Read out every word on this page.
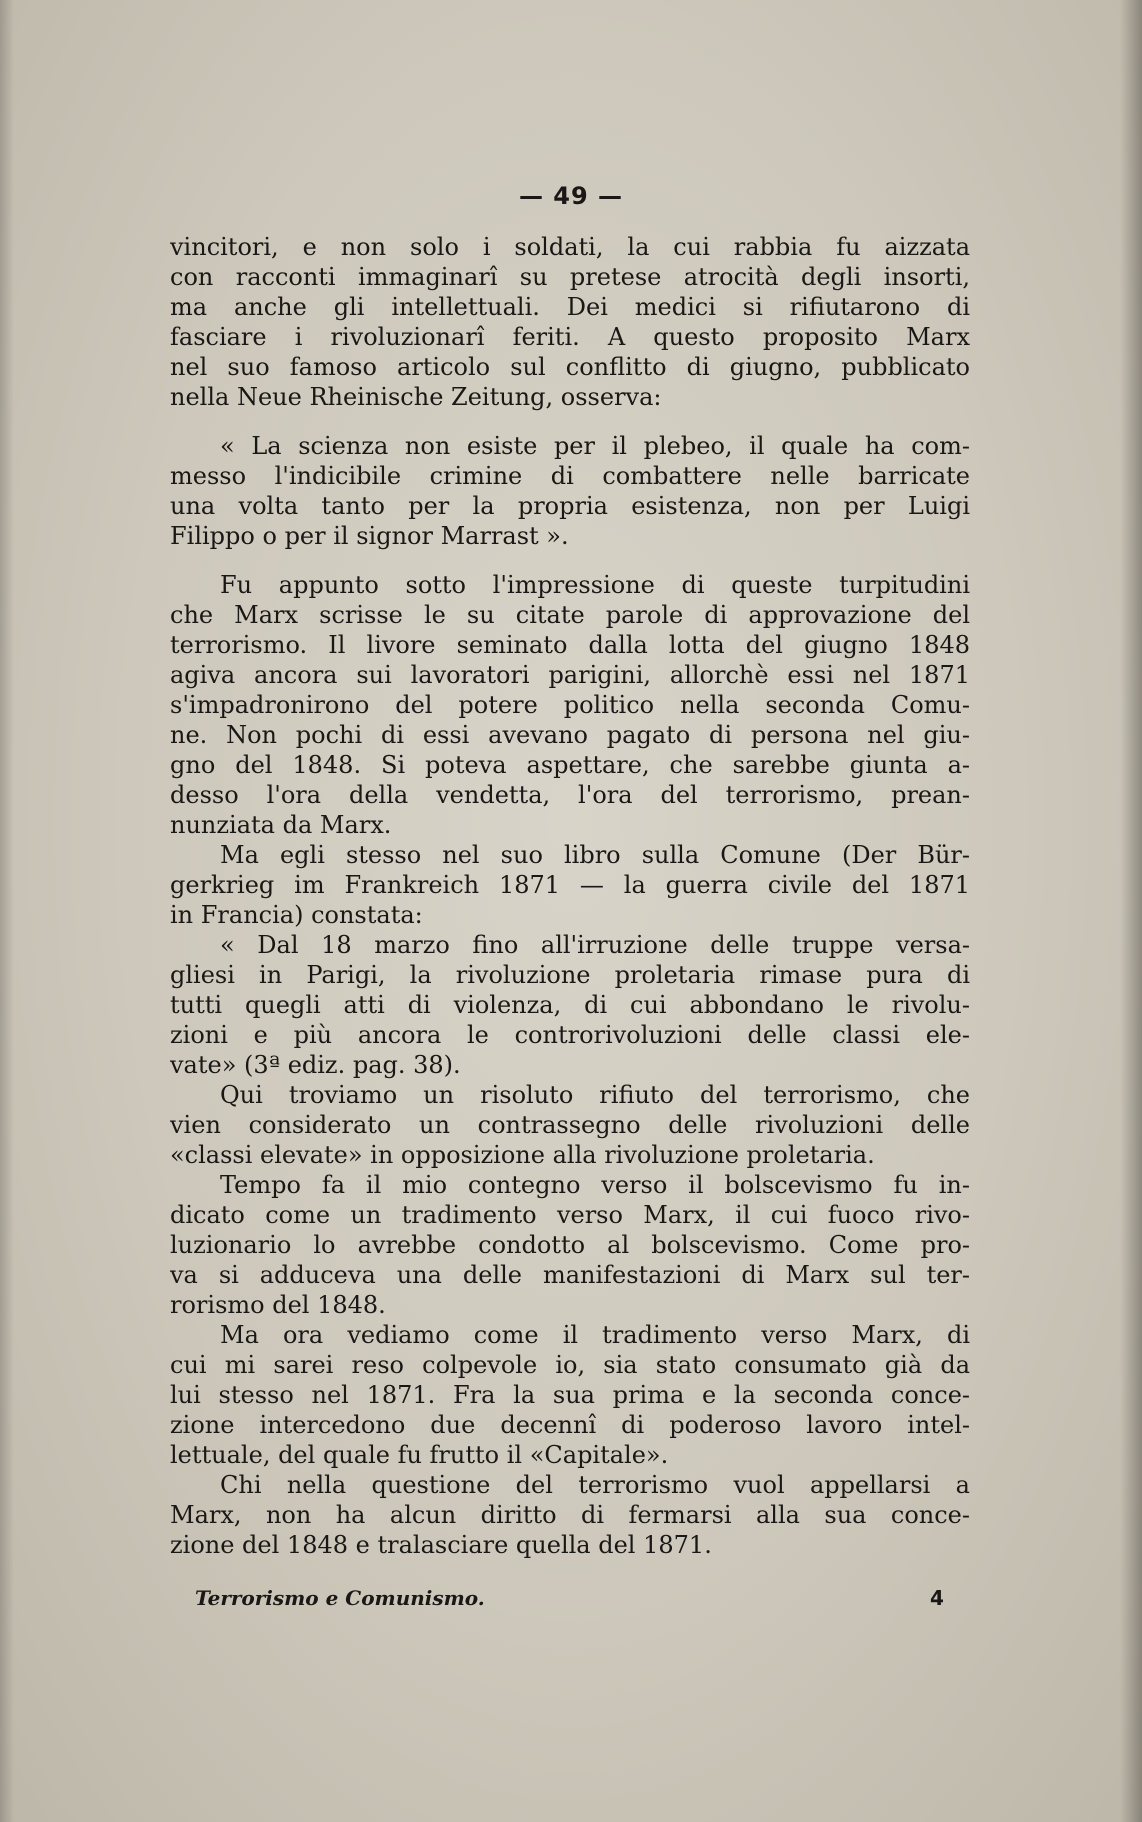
— 49 —
vincitori, e non solo i soldati, la cui rabbia fu aizzata
con racconti immaginarî su pretese atrocità degli insorti,
ma anche gli intellettuali. Dei medici si rifiutarono di
fasciare i rivoluzionarî feriti. A questo proposito Marx
nel suo famoso articolo sul conflitto di giugno, pubblicato
nella Neue Rheinische Zeitung, osserva:
« La scienza non esiste per il plebeo, il quale ha com-
messo l'indicibile crimine di combattere nelle barricate
una volta tanto per la propria esistenza, non per Luigi
Filippo o per il signor Marrast ».
Fu appunto sotto l'impressione di queste turpitudini
che Marx scrisse le su citate parole di approvazione del
terrorismo. Il livore seminato dalla lotta del giugno 1848
agiva ancora sui lavoratori parigini, allorchè essi nel 1871
s'impadronirono del potere politico nella seconda Comu-
ne. Non pochi di essi avevano pagato di persona nel giu-
gno del 1848. Si poteva aspettare, che sarebbe giunta a-
desso l'ora della vendetta, l'ora del terrorismo, prean-
nunziata da Marx.
Ma egli stesso nel suo libro sulla Comune (Der Bür-
gerkrieg im Frankreich 1871 — la guerra civile del 1871
in Francia) constata:
« Dal 18 marzo fino all'irruzione delle truppe versa-
gliesi in Parigi, la rivoluzione proletaria rimase pura di
tutti quegli atti di violenza, di cui abbondano le rivolu-
zioni e più ancora le controrivoluzioni delle classi ele-
vate» (3ª ediz. pag. 38).
Qui troviamo un risoluto rifiuto del terrorismo, che
vien considerato un contrassegno delle rivoluzioni delle
«classi elevate» in opposizione alla rivoluzione proletaria.
Tempo fa il mio contegno verso il bolscevismo fu in-
dicato come un tradimento verso Marx, il cui fuoco rivo-
luzionario lo avrebbe condotto al bolscevismo. Come pro-
va si adduceva una delle manifestazioni di Marx sul ter-
rorismo del 1848.
Ma ora vediamo come il tradimento verso Marx, di
cui mi sarei reso colpevole io, sia stato consumato già da
lui stesso nel 1871. Fra la sua prima e la seconda conce-
zione intercedono due decennî di poderoso lavoro intel-
lettuale, del quale fu frutto il «Capitale».
Chi nella questione del terrorismo vuol appellarsi a
Marx, non ha alcun diritto di fermarsi alla sua conce-
zione del 1848 e tralasciare quella del 1871.
Terrorismo e Comunismo.	4
